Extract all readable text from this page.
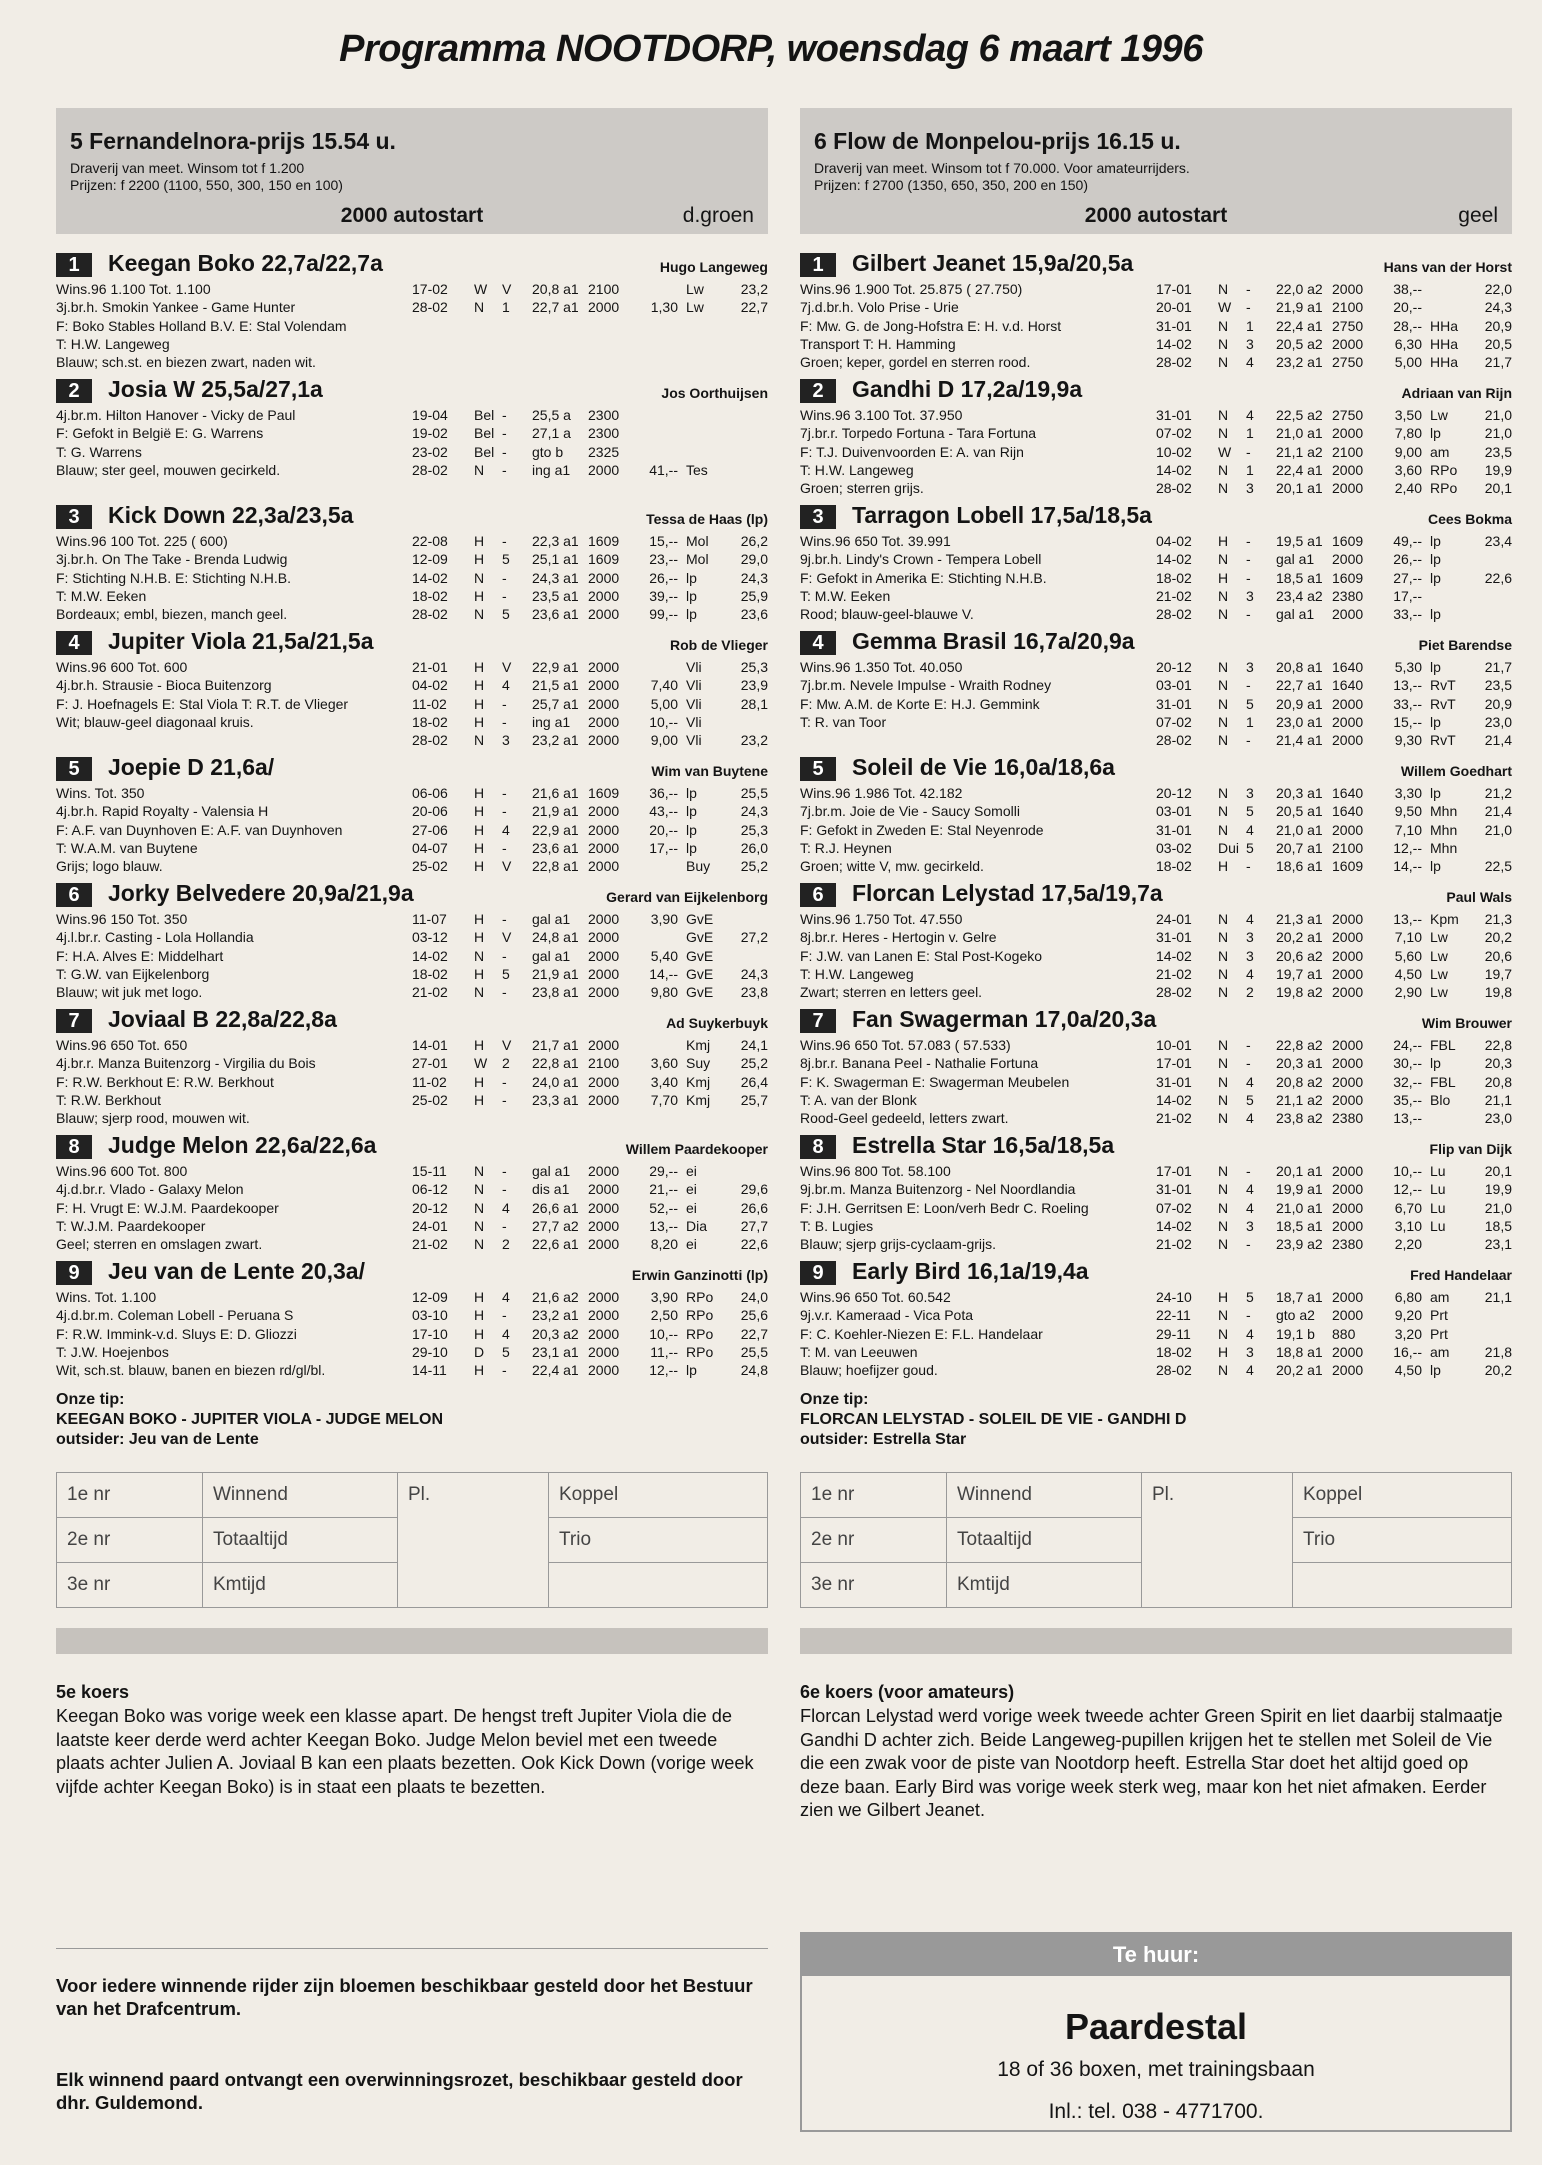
Programma NOOTDORP, woensdag 6 maart 1996
5 Fernandelnora-prijs 15.54 u.
Draverij van meet. Winsom tot f 1.200
Prijzen: f 2200 (1100, 550, 300, 150 en 100)
2000 autostart	d.groen
1	Keegan Boko 22,7a/22,7a	Hugo Langeweg
Wins.96 1.100 Tot. 1.100
3j.br.h. Smokin Yankee - Game Hunter
F: Boko Stables Holland B.V. E: Stal Volendam
T: H.W. Langeweg
Blauw; sch.st. en biezen zwart, naden wit.
17-02 W V 20,8 a1 2100	Lw	23,2
28-02 N 1 22,7 a1 2000	1,30 Lw	22,7
2	Josia W 25,5a/27,1a	Jos Oorthuijsen
4j.br.m. Hilton Hanover - Vicky de Paul
F: Gefokt in België E: G. Warrens
T: G. Warrens
Blauw; ster geel, mouwen gecirkeld.
19-04 Bel - 25,5 a 2300
19-02 Bel - 27,1 a 2300
23-02 Bel - gto b 2325
28-02 N - ing a1 2000	41,-- Tes
3	Kick Down 22,3a/23,5a	Tessa de Haas (lp)
Wins.96 100 Tot. 225 ( 600)
3j.br.h. On The Take - Brenda Ludwig
F: Stichting N.H.B. E: Stichting N.H.B.
T: M.W. Eeken
Bordeaux; embl, biezen, manch geel.
22-08 H - 22,3 a1 1609	15,-- Mol 26,2
12-09 H 5 25,1 a1 1609	23,-- Mol 29,0
14-02 N - 24,3 a1 2000	26,-- lp	24,3
18-02 H - 23,5 a1 2000	39,-- lp	25,9
28-02 N 5 23,6 a1 2000	99,-- lp	23,6
4	Jupiter Viola 21,5a/21,5a	Rob de Vlieger
Wins.96 600 Tot. 600
4j.br.h. Strausie - Bioca Buitenzorg
F: J. Hoefnagels E: Stal Viola T: R.T. de Vlieger
Wit; blauw-geel diagonaal kruis.
21-01 H V 22,9 a1 2000	Vli	25,3
04-02 H 4 21,5 a1 2000	7,40 Vli	23,9
11-02 H - 25,7 a1 2000	5,00 Vli	28,1
18-02 H - ing a1 2000	10,-- Vli
28-02 N 3 23,2 a1 2000	9,00 Vli	23,2
5	Joepie D 21,6a/	Wim van Buytene
Wins. Tot. 350
4j.br.h. Rapid Royalty - Valensia H
F: A.F. van Duynhoven E: A.F. van Duynhoven
T: W.A.M. van Buytene
Grijs; logo blauw.
06-06 H - 21,6 a1 1609	36,-- lp	25,5
20-06 H - 21,9 a1 2000	43,-- lp	24,3
27-06 H 4 22,9 a1 2000	20,-- lp	25,3
04-07 H - 23,6 a1 2000	17,-- lp	26,0
25-02 H V 22,8 a1 2000	Buy 25,2
6	Jorky Belvedere 20,9a/21,9a	Gerard van Eijkelenborg
Wins.96 150 Tot. 350
4j.l.br.r. Casting - Lola Hollandia
F: H.A. Alves E: Middelhart
T: G.W. van Eijkelenborg
Blauw; wit juk met logo.
11-07 H - gal a1 2000	3,90 GvE
03-12 H V 24,8 a1 2000	GvE 27,2
14-02 N - gal a1 2000	5,40 GvE
18-02 H 5 21,9 a1 2000	14,-- GvE 24,3
21-02 N - 23,8 a1 2000	9,80 GvE 23,8
7	Joviaal B 22,8a/22,8a	Ad Suykerbuyk
Wins.96 650 Tot. 650
4j.br.r. Manza Buitenzorg - Virgilia du Bois
F: R.W. Berkhout E: R.W. Berkhout
T: R.W. Berkhout
Blauw; sjerp rood, mouwen wit.
14-01 H V 21,7 a1 2000	Kmj 24,1
27-01 W 2 22,8 a1 2100	3,60 Suy 25,2
11-02 H - 24,0 a1 2000	3,40 Kmj 26,4
25-02 H - 23,3 a1 2000	7,70 Kmj 25,7
8	Judge Melon 22,6a/22,6a	Willem Paardekooper
Wins.96 600 Tot. 800
4j.d.br.r. Vlado - Galaxy Melon
F: H. Vrugt E: W.J.M. Paardekooper
T: W.J.M. Paardekooper
Geel; sterren en omslagen zwart.
15-11 N - gal a1 2000	29,-- ei
06-12 N - dis a1 2000	21,-- ei	29,6
20-12 N 4 26,6 a1 2000	52,-- ei	26,6
24-01 N - 27,7 a2 2000	13,-- Dia 27,7
21-02 N 2 22,6 a1 2000	8,20 ei	22,6
9	Jeu van de Lente 20,3a/	Erwin Ganzinotti (lp)
Wins. Tot. 1.100
4j.d.br.m. Coleman Lobell - Peruana S
F: R.W. Immink-v.d. Sluys E: D. Gliozzi
T: J.W. Hoejenbos
Wit, sch.st. blauw, banen en biezen rd/gl/bl.
12-09 H 4 21,6 a2 2000	3,90 RPo 24,0
03-10 H - 23,2 a1 2000	2,50 RPo 25,6
17-10 H 4 20,3 a2 2000	10,-- RPo 22,7
29-10 D 5 23,1 a1 2000	11,-- RPo 25,5
14-11 H - 22,4 a1 2000	12,-- lp	24,8
Onze tip:
KEEGAN BOKO - JUPITER VIOLA - JUDGE MELON
outsider: Jeu van de Lente
1e nr	Winnend	Pl.	Koppel
2e nr	Totaaltijd		Trio
3e nr	Kmtijd		
5e koers
Keegan Boko was vorige week een klasse apart. De hengst treft Jupiter Viola die de laatste keer derde werd achter Keegan Boko. Judge Melon beviel met een tweede plaats achter Julien A. Joviaal B kan een plaats bezetten. Ook Kick Down (vorige week vijfde achter Keegan Boko) is in staat een plaats te bezetten.
Voor iedere winnende rijder zijn bloemen beschikbaar gesteld door het Bestuur van het Drafcentrum.
Elk winnend paard ontvangt een overwinningsrozet, beschikbaar gesteld door dhr. Guldemond.
6 Flow de Monpelou-prijs 16.15 u.
Draverij van meet. Winsom tot f 70.000. Voor amateurrijders.
Prijzen: f 2700 (1350, 650, 350, 200 en 150)
2000 autostart	geel
1	Gilbert Jeanet 15,9a/20,5a	Hans van der Horst
Wins.96 1.900 Tot. 25.875 ( 27.750)
7j.d.br.h. Volo Prise - Urie
F: Mw. G. de Jong-Hofstra E: H. v.d. Horst
Transport T: H. Hamming
Groen; keper, gordel en sterren rood.
17-01 N - 22,0 a2 2000	38,--	22,0
20-01 W - 21,9 a1 2100	20,--	24,3
31-01 N 1 22,4 a1 2750	28,-- HHa 20,9
14-02 N 3 20,5 a2 2000	6,30 HHa 20,5
28-02 N 4 23,2 a1 2750	5,00 HHa 21,7
2	Gandhi D 17,2a/19,9a	Adriaan van Rijn
Wins.96 3.100 Tot. 37.950
7j.br.r. Torpedo Fortuna - Tara Fortuna
F: T.J. Duivenvoorden E: A. van Rijn
T: H.W. Langeweg
Groen; sterren grijs.
31-01 N 4 22,5 a2 2750	3,50 Lw	21,0
07-02 N 1 21,0 a1 2000	7,80 lp	21,0
10-02 W - 21,1 a2 2100	9,00 am	23,5
14-02 N 1 22,4 a1 2000	3,60 RPo 19,9
28-02 N 3 20,1 a1 2000	2,40 RPo 20,1
3	Tarragon Lobell 17,5a/18,5a	Cees Bokma
Wins.96 650 Tot. 39.991
9j.br.h. Lindy's Crown - Tempera Lobell
F: Gefokt in Amerika E: Stichting N.H.B.
T: M.W. Eeken
Rood; blauw-geel-blauwe V.
04-02 H - 19,5 a1 1609	49,-- lp	23,4
14-02 N - gal a1 2000	26,-- lp
18-02 H - 18,5 a1 1609	27,-- lp	22,6
21-02 N 3 23,4 a2 2380	17,--
28-02 N - gal a1 2000	33,-- lp
4	Gemma Brasil 16,7a/20,9a	Piet Barendse
Wins.96 1.350 Tot. 40.050
7j.br.m. Nevele Impulse - Wraith Rodney
F: Mw. A.M. de Korte E: H.J. Gemmink
T: R. van Toor
20-12 N 3 20,8 a1 1640	5,30 lp	21,7
03-01 N - 22,7 a1 1640	13,-- RvT 23,5
31-01 N 5 20,9 a1 2000	33,-- RvT 20,9
07-02 N 1 23,0 a1 2000	15,-- lp	23,0
28-02 N - 21,4 a1 2000	9,30 RvT 21,4
5	Soleil de Vie 16,0a/18,6a	Willem Goedhart
Wins.96 1.986 Tot. 42.182
7j.br.m. Joie de Vie - Saucy Somolli
F: Gefokt in Zweden E: Stal Neyenrode
T: R.J. Heynen
Groen; witte V, mw. gecirkeld.
20-12 N 3 20,3 a1 1640	3,30 lp	21,2
03-01 N 5 20,5 a1 1640	9,50 Mhn 21,4
31-01 N 4 21,0 a1 2000	7,10 Mhn 21,0
03-02 Dui 5 20,7 a1 2100	12,-- Mhn
18-02 H - 18,6 a1 1609	14,-- lp	22,5
6	Florcan Lelystad 17,5a/19,7a	Paul Wals
Wins.96 1.750 Tot. 47.550
8j.br.r. Heres - Hertogin v. Gelre
F: J.W. van Lanen E: Stal Post-Kogeko
T: H.W. Langeweg
Zwart; sterren en letters geel.
24-01 N 4 21,3 a1 2000	13,-- Kpm 21,3
31-01 N 3 20,2 a1 2000	7,10 Lw	20,2
14-02 N 3 20,6 a2 2000	5,60 Lw	20,6
21-02 N 4 19,7 a1 2000	4,50 Lw	19,7
28-02 N 2 19,8 a2 2000	2,90 Lw	19,8
7	Fan Swagerman 17,0a/20,3a	Wim Brouwer
Wins.96 650 Tot. 57.083 ( 57.533)
8j.br.r. Banana Peel - Nathalie Fortuna
F: K. Swagerman E: Swagerman Meubelen
T: A. van der Blonk
Rood-Geel gedeeld, letters zwart.
10-01 N - 22,8 a2 2000	24,-- FBL 22,8
17-01 N - 20,3 a1 2000	30,-- lp	20,3
31-01 N 4 20,8 a2 2000	32,-- FBL 20,8
14-02 N 5 21,1 a2 2000	35,-- Blo 21,1
21-02 N 4 23,8 a2 2380	13,--	23,0
8	Estrella Star 16,5a/18,5a	Flip van Dijk
Wins.96 800 Tot. 58.100
9j.br.m. Manza Buitenzorg - Nel Noordlandia
F: J.H. Gerritsen E: Loon/verh Bedr C. Roeling
T: B. Lugies
Blauw; sjerp grijs-cyclaam-grijs.
17-01 N - 20,1 a1 2000	10,-- Lu	20,1
31-01 N 4 19,9 a1 2000	12,-- Lu	19,9
07-02 N 4 21,0 a1 2000	6,70 Lu	21,0
14-02 N 3 18,5 a1 2000	3,10 Lu	18,5
21-02 N - 23,9 a2 2380	2,20	23,1
9	Early Bird 16,1a/19,4a	Fred Handelaar
Wins.96 650 Tot. 60.542
9j.v.r. Kameraad - Vica Pota
F: C. Koehler-Niezen E: F.L. Handelaar
T: M. van Leeuwen
Blauw; hoefijzer goud.
24-10 H 5 18,7 a1 2000	6,80 am	21,1
22-11 N - gto a2 2000	9,20 Prt
29-11 N 4 19,1 b 880	3,20 Prt
18-02 H 3 18,8 a1 2000	16,-- am	21,8
28-02 N 4 20,2 a1 2000	4,50 lp	20,2
Onze tip:
FLORCAN LELYSTAD - SOLEIL DE VIE - GANDHI D
outsider: Estrella Star
1e nr	Winnend	Pl.	Koppel
2e nr	Totaaltijd		Trio
3e nr	Kmtijd		
6e koers (voor amateurs)
Florcan Lelystad werd vorige week tweede achter Green Spirit en liet daarbij stalmaatje Gandhi D achter zich. Beide Langeweg-pupillen krijgen het te stellen met Soleil de Vie die een zwak voor de piste van Nootdorp heeft. Estrella Star doet het altijd goed op deze baan. Early Bird was vorige week sterk weg, maar kon het niet afmaken. Eerder zien we Gilbert Jeanet.
Te huur:
Paardestal
18 of 36 boxen, met trainingsbaan
Inl.: tel. 038 - 4771700.
